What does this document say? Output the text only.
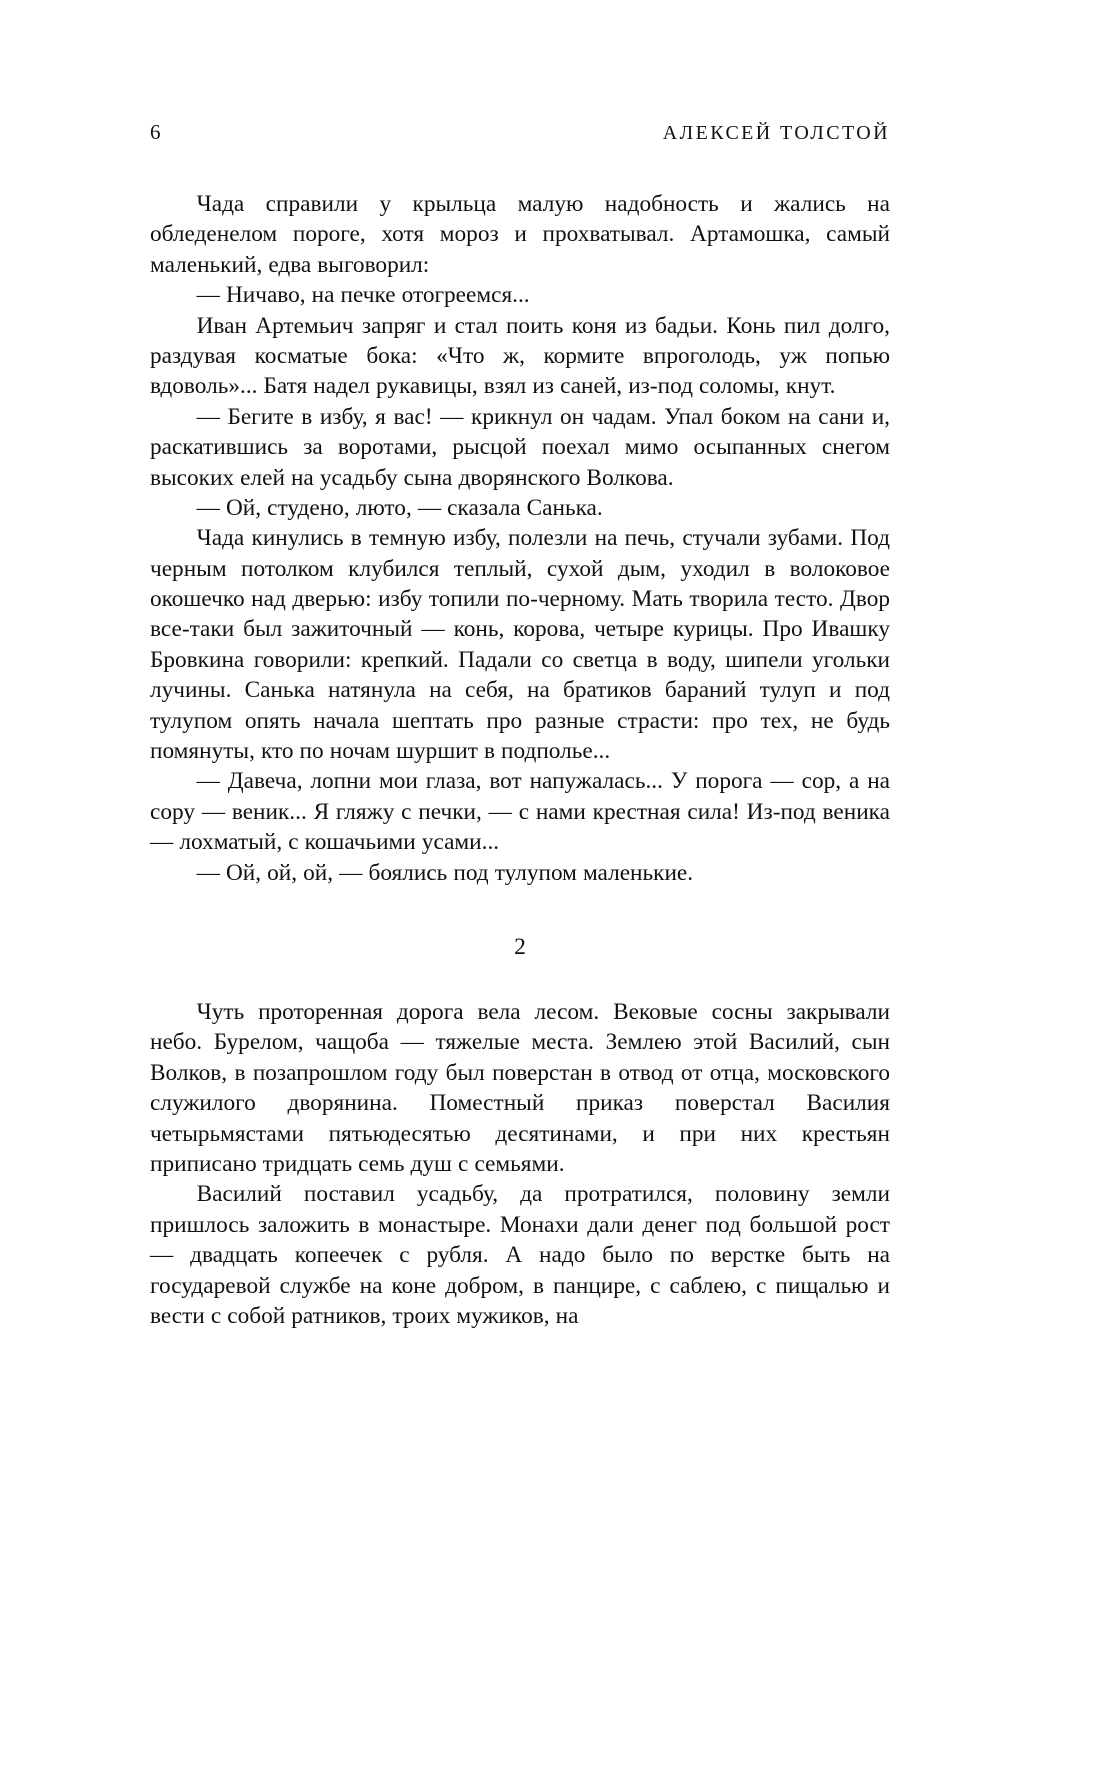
6	АЛЕКСЕЙ ТОЛСТОЙ

Чада справили у крыльца малую надобность и жались на обледенелом пороге, хотя мороз и прохватывал. Артамошка, самый маленький, едва выговорил:

— Ничаво, на печке отогреемся...

Иван Артемьич запряг и стал поить коня из бадьи. Конь пил долго, раздувая косматые бока: «Что ж, кормите впроголодь, уж попью вдоволь»... Батя надел рукавицы, взял из саней, из-под соломы, кнут.

— Бегите в избу, я вас! — крикнул он чадам. Упал боком на сани и, раскатившись за воротами, рысцой поехал мимо осыпанных снегом высоких елей на усадьбу сына дворянского Волкова.

— Ой, студено, люто, — сказала Санька.

Чада кинулись в темную избу, полезли на печь, стучали зубами. Под черным потолком клубился теплый, сухой дым, уходил в волоковое окошечко над дверью: избу топили по-черному. Мать творила тесто. Двор все-таки был зажиточный — конь, корова, четыре курицы. Про Ивашку Бровкина говорили: крепкий. Падали со светца в воду, шипели угольки лучины. Санька натянула на себя, на братиков бараний тулуп и под тулупом опять начала шептать про разные страсти: про тех, не будь помянуты, кто по ночам шуршит в подполье...

— Давеча, лопни мои глаза, вот напужалась... У порога — сор, а на сору — веник... Я гляжу с печки, — с нами крестная сила! Из-под веника — лохматый, с кошачьими усами...

— Ой, ой, ой, — боялись под тулупом маленькие.

2

Чуть проторенная дорога вела лесом. Вековые сосны закрывали небо. Бурелом, чащоба — тяжелые места. Землею этой Василий, сын Волков, в позапрошлом году был поверстан в отвод от отца, московского служилого дворянина. Поместный приказ поверстал Василия четырьмястами пятьюдесятью десятинами, и при них крестьян приписано тридцать семь душ с семьями.

Василий поставил усадьбу, да протратился, половину земли пришлось заложить в монастыре. Монахи дали денег под большой рост — двадцать копеечек с рубля. А надо было по верстке быть на государевой службе на коне добром, в панцире, с саблею, с пищалью и вести с собой ратников, троих мужиков, на
